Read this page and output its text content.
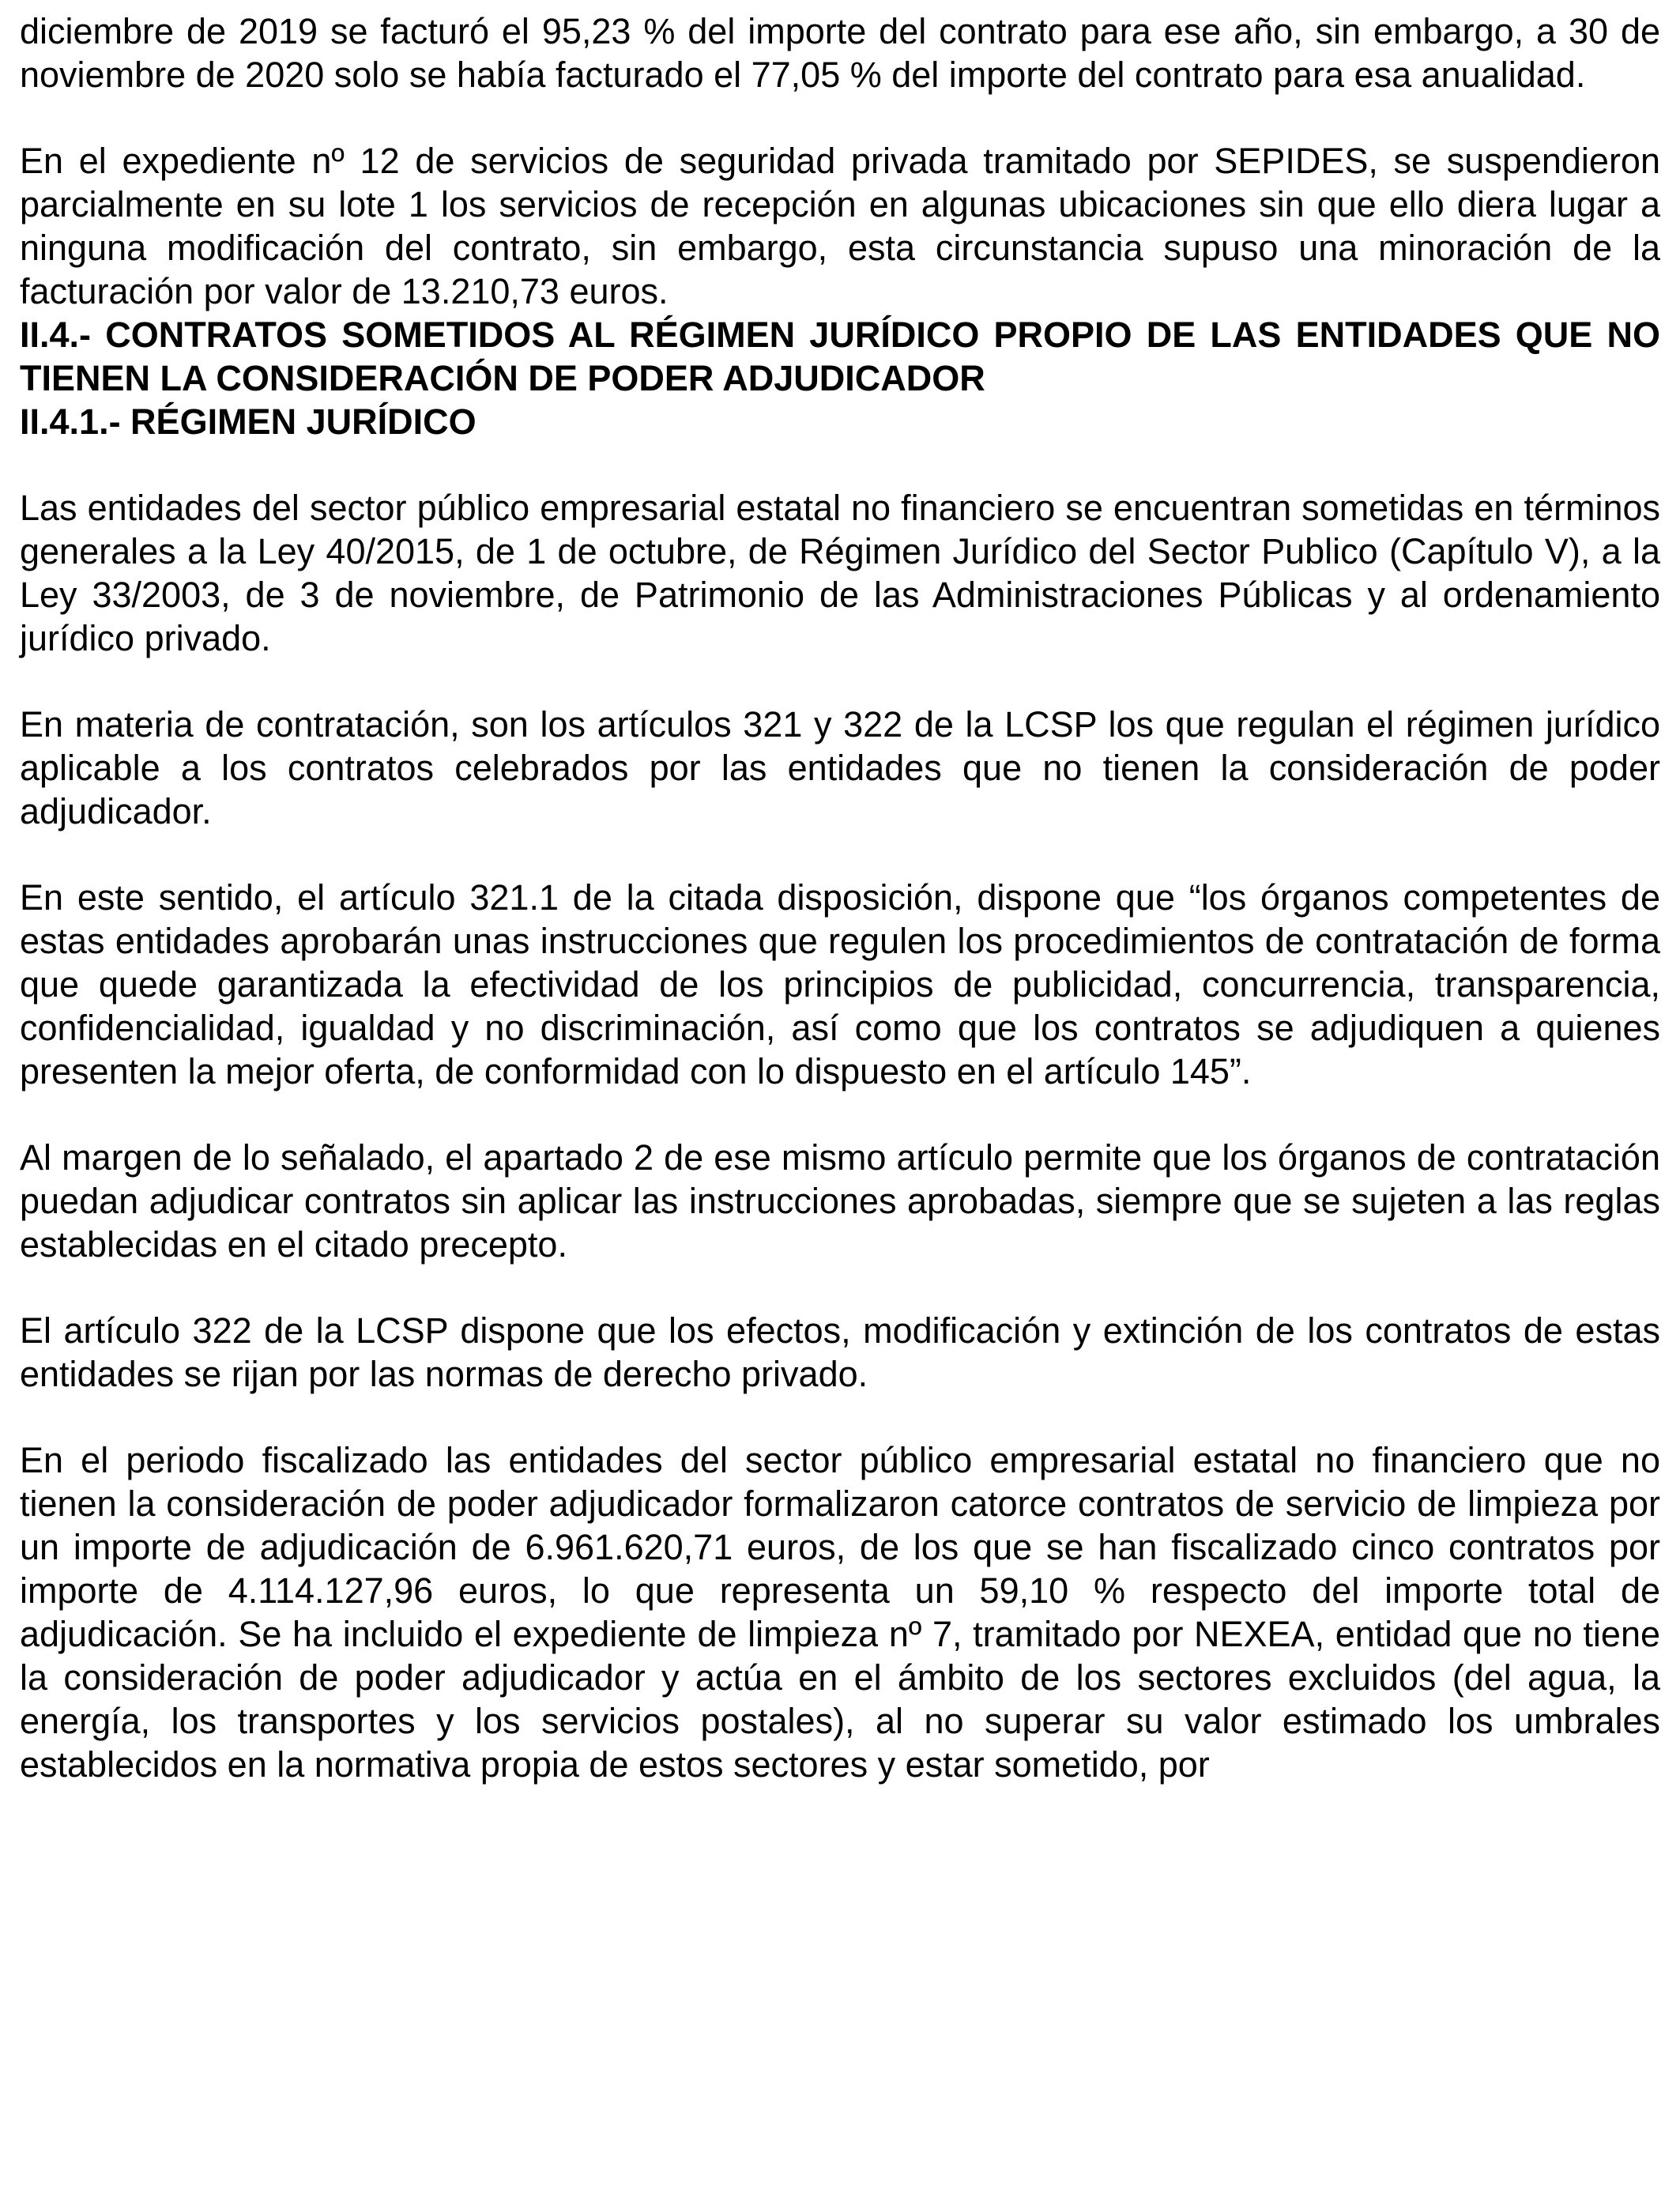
diciembre de 2019 se facturó el 95,23 % del importe del contrato para ese año, sin embargo, a 30 de noviembre de 2020 solo se había facturado el 77,05 % del importe del contrato para esa anualidad.

En el expediente nº 12 de servicios de seguridad privada tramitado por SEPIDES, se suspendieron parcialmente en su lote 1 los servicios de recepción en algunas ubicaciones sin que ello diera lugar a ninguna modificación del contrato, sin embargo, esta circunstancia supuso una minoración de la facturación por valor de 13.210,73 euros.

II.4.- CONTRATOS SOMETIDOS AL RÉGIMEN JURÍDICO PROPIO DE LAS ENTIDADES QUE NO TIENEN LA CONSIDERACIÓN DE PODER ADJUDICADOR

II.4.1.- RÉGIMEN JURÍDICO

Las entidades del sector público empresarial estatal no financiero se encuentran sometidas en términos generales a la Ley 40/2015, de 1 de octubre, de Régimen Jurídico del Sector Publico (Capítulo V), a la Ley 33/2003, de 3 de noviembre, de Patrimonio de las Administraciones Públicas y al ordenamiento jurídico privado.

En materia de contratación, son los artículos 321 y 322 de la LCSP los que regulan el régimen jurídico aplicable a los contratos celebrados por las entidades que no tienen la consideración de poder adjudicador.

En este sentido, el artículo 321.1 de la citada disposición, dispone que “los órganos competentes de estas entidades aprobarán unas instrucciones que regulen los procedimientos de contratación de forma que quede garantizada la efectividad de los principios de publicidad, concurrencia, transparencia, confidencialidad, igualdad y no discriminación, así como que los contratos se adjudiquen a quienes presenten la mejor oferta, de conformidad con lo dispuesto en el artículo 145”.

Al margen de lo señalado, el apartado 2 de ese mismo artículo permite que los órganos de contratación puedan adjudicar contratos sin aplicar las instrucciones aprobadas, siempre que se sujeten a las reglas establecidas en el citado precepto.

El artículo 322 de la LCSP dispone que los efectos, modificación y extinción de los contratos de estas entidades se rijan por las normas de derecho privado.

En el periodo fiscalizado las entidades del sector público empresarial estatal no financiero que no tienen la consideración de poder adjudicador formalizaron catorce contratos de servicio de limpieza por un importe de adjudicación de 6.961.620,71 euros, de los que se han fiscalizado cinco contratos por importe de 4.114.127,96 euros, lo que representa un 59,10 % respecto del importe total de adjudicación. Se ha incluido el expediente de limpieza nº 7, tramitado por NEXEA, entidad que no tiene la consideración de poder adjudicador y actúa en el ámbito de los sectores excluidos (del agua, la energía, los transportes y los servicios postales), al no superar su valor estimado los umbrales establecidos en la normativa propia de estos sectores y estar sometido, por
